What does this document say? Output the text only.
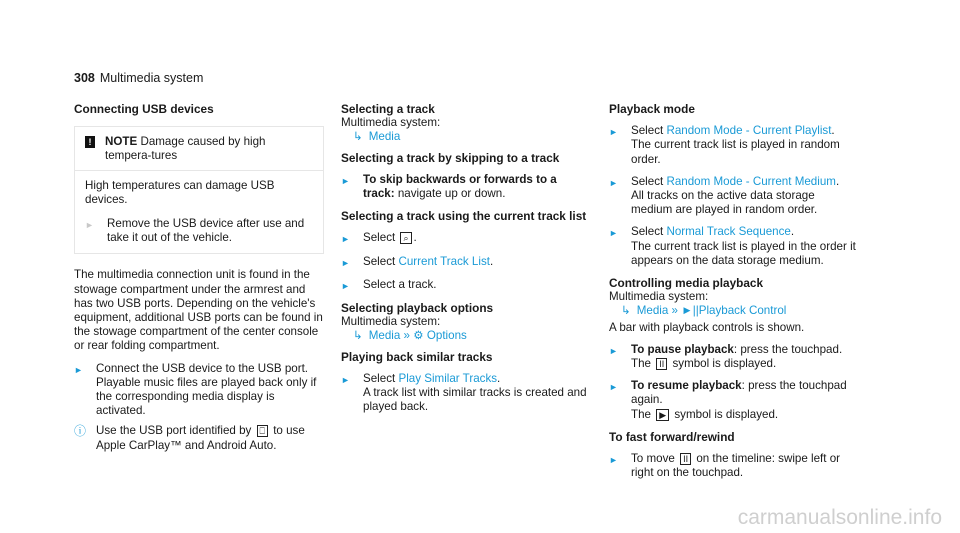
308 Multimedia system
Connecting USB devices
!	NOTE Damage caused by high tempera-tures
High temperatures can damage USB devices.
►	Remove the USB device after use and take it out of the vehicle.
The multimedia connection unit is found in the stowage compartment under the armrest and has two USB ports. Depending on the vehicle's equipment, additional USB ports can be found in the stowage compartment of the center console or rear folding compartment.
►	Connect the USB device to the USB port. Playable music files are played back only if the corresponding media display is activated.
ⓘ Use the USB port identified by ⎕ to use Apple CarPlay™ and Android Auto.
Selecting a track
Multimedia system:
↳ Media
Selecting a track by skipping to a track
►	To skip backwards or forwards to a track: navigate up or down.
Selecting a track using the current track list
►	Select ⌕ .
►	Select Current Track List.
►	Select a track.
Selecting playback options
Multimedia system:
↳ Media » ⚙ Options
Playing back similar tracks
►	Select Play Similar Tracks.
A track list with similar tracks is created and played back.
Playback mode
►	Select Random Mode - Current Playlist.
The current track list is played in random order.
►	Select Random Mode - Current Medium.
All tracks on the active data storage medium are played in random order.
►	Select Normal Track Sequence.
The current track list is played in the order it appears on the data storage medium.
Controlling media playback
Multimedia system:
↳ Media » ►||Playback Control
A bar with playback controls is shown.
►	To pause playback: press the touchpad.
The II symbol is displayed.
►	To resume playback: press the touchpad again.
The ▶ symbol is displayed.
To fast forward/rewind
►	To move II on the timeline: swipe left or right on the touchpad.
carmanualsonline.info
